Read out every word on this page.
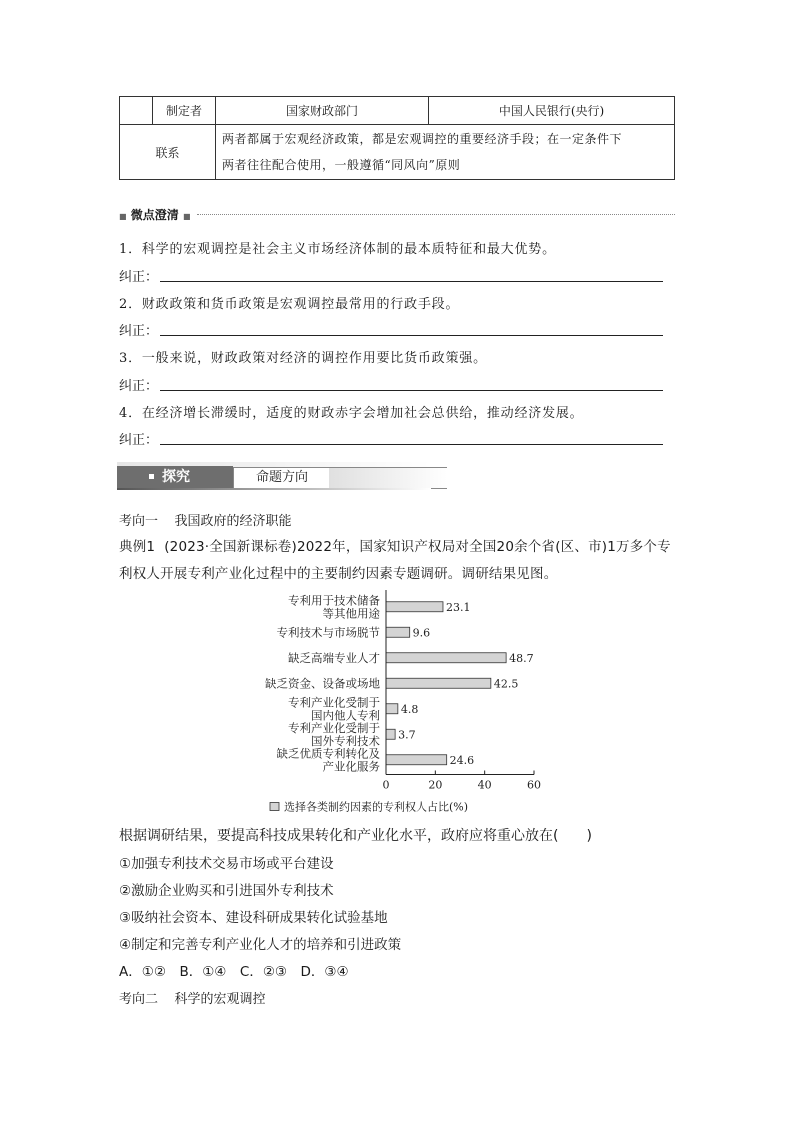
	制定者	国家财政部门	中国人民银行(央行)
联系		两者都属于宏观经济政策，都是宏观调控的重要经济手段；在一定条件下
两者往往配合使用，一般遵循“同风向”原则	
■ 微点澄清 ■
1．科学的宏观调控是社会主义市场经济体制的最本质特征和最大优势。
纠正：
2．财政政策和货币政策是宏观调控最常用的行政手段。
纠正：
3．一般来说，财政政策对经济的调控作用要比货币政策强。
纠正：
4．在经济增长滞缓时，适度的财政赤字会增加社会总供给，推动经济发展。
纠正：
探究	命题方向
考向一 我国政府的经济职能
典例1 (2023·全国新课标卷)2022年，国家知识产权局对全国20余个省(区、市)1万多个专
利权人开展专利产业化过程中的主要制约因素专题调研。调研结果见图。
专利用于技术储备
等其他用途
专利技术与市场脱节
缺乏高端专业人才
缺乏资金、设备或场地
专利产业化受制于
国内他人专利
专利产业化受制于
国外专利技术
缺乏优质专利转化及
产业化服务
23.1
9.6
48.7
42.5
4.8
3.7
24.6
0	20	40	60
选择各类制约因素的专利权人占比(%)
根据调研结果，要提高科技成果转化和产业化水平，政府应将重心放在(　　)
①加强专利技术交易市场或平台建设
②激励企业购买和引进国外专利技术
③吸纳社会资本、建设科研成果转化试验基地
④制定和完善专利产业化人才的培养和引进政策
A．①②　B．①④　C．②③　D．③④
考向二 科学的宏观调控
